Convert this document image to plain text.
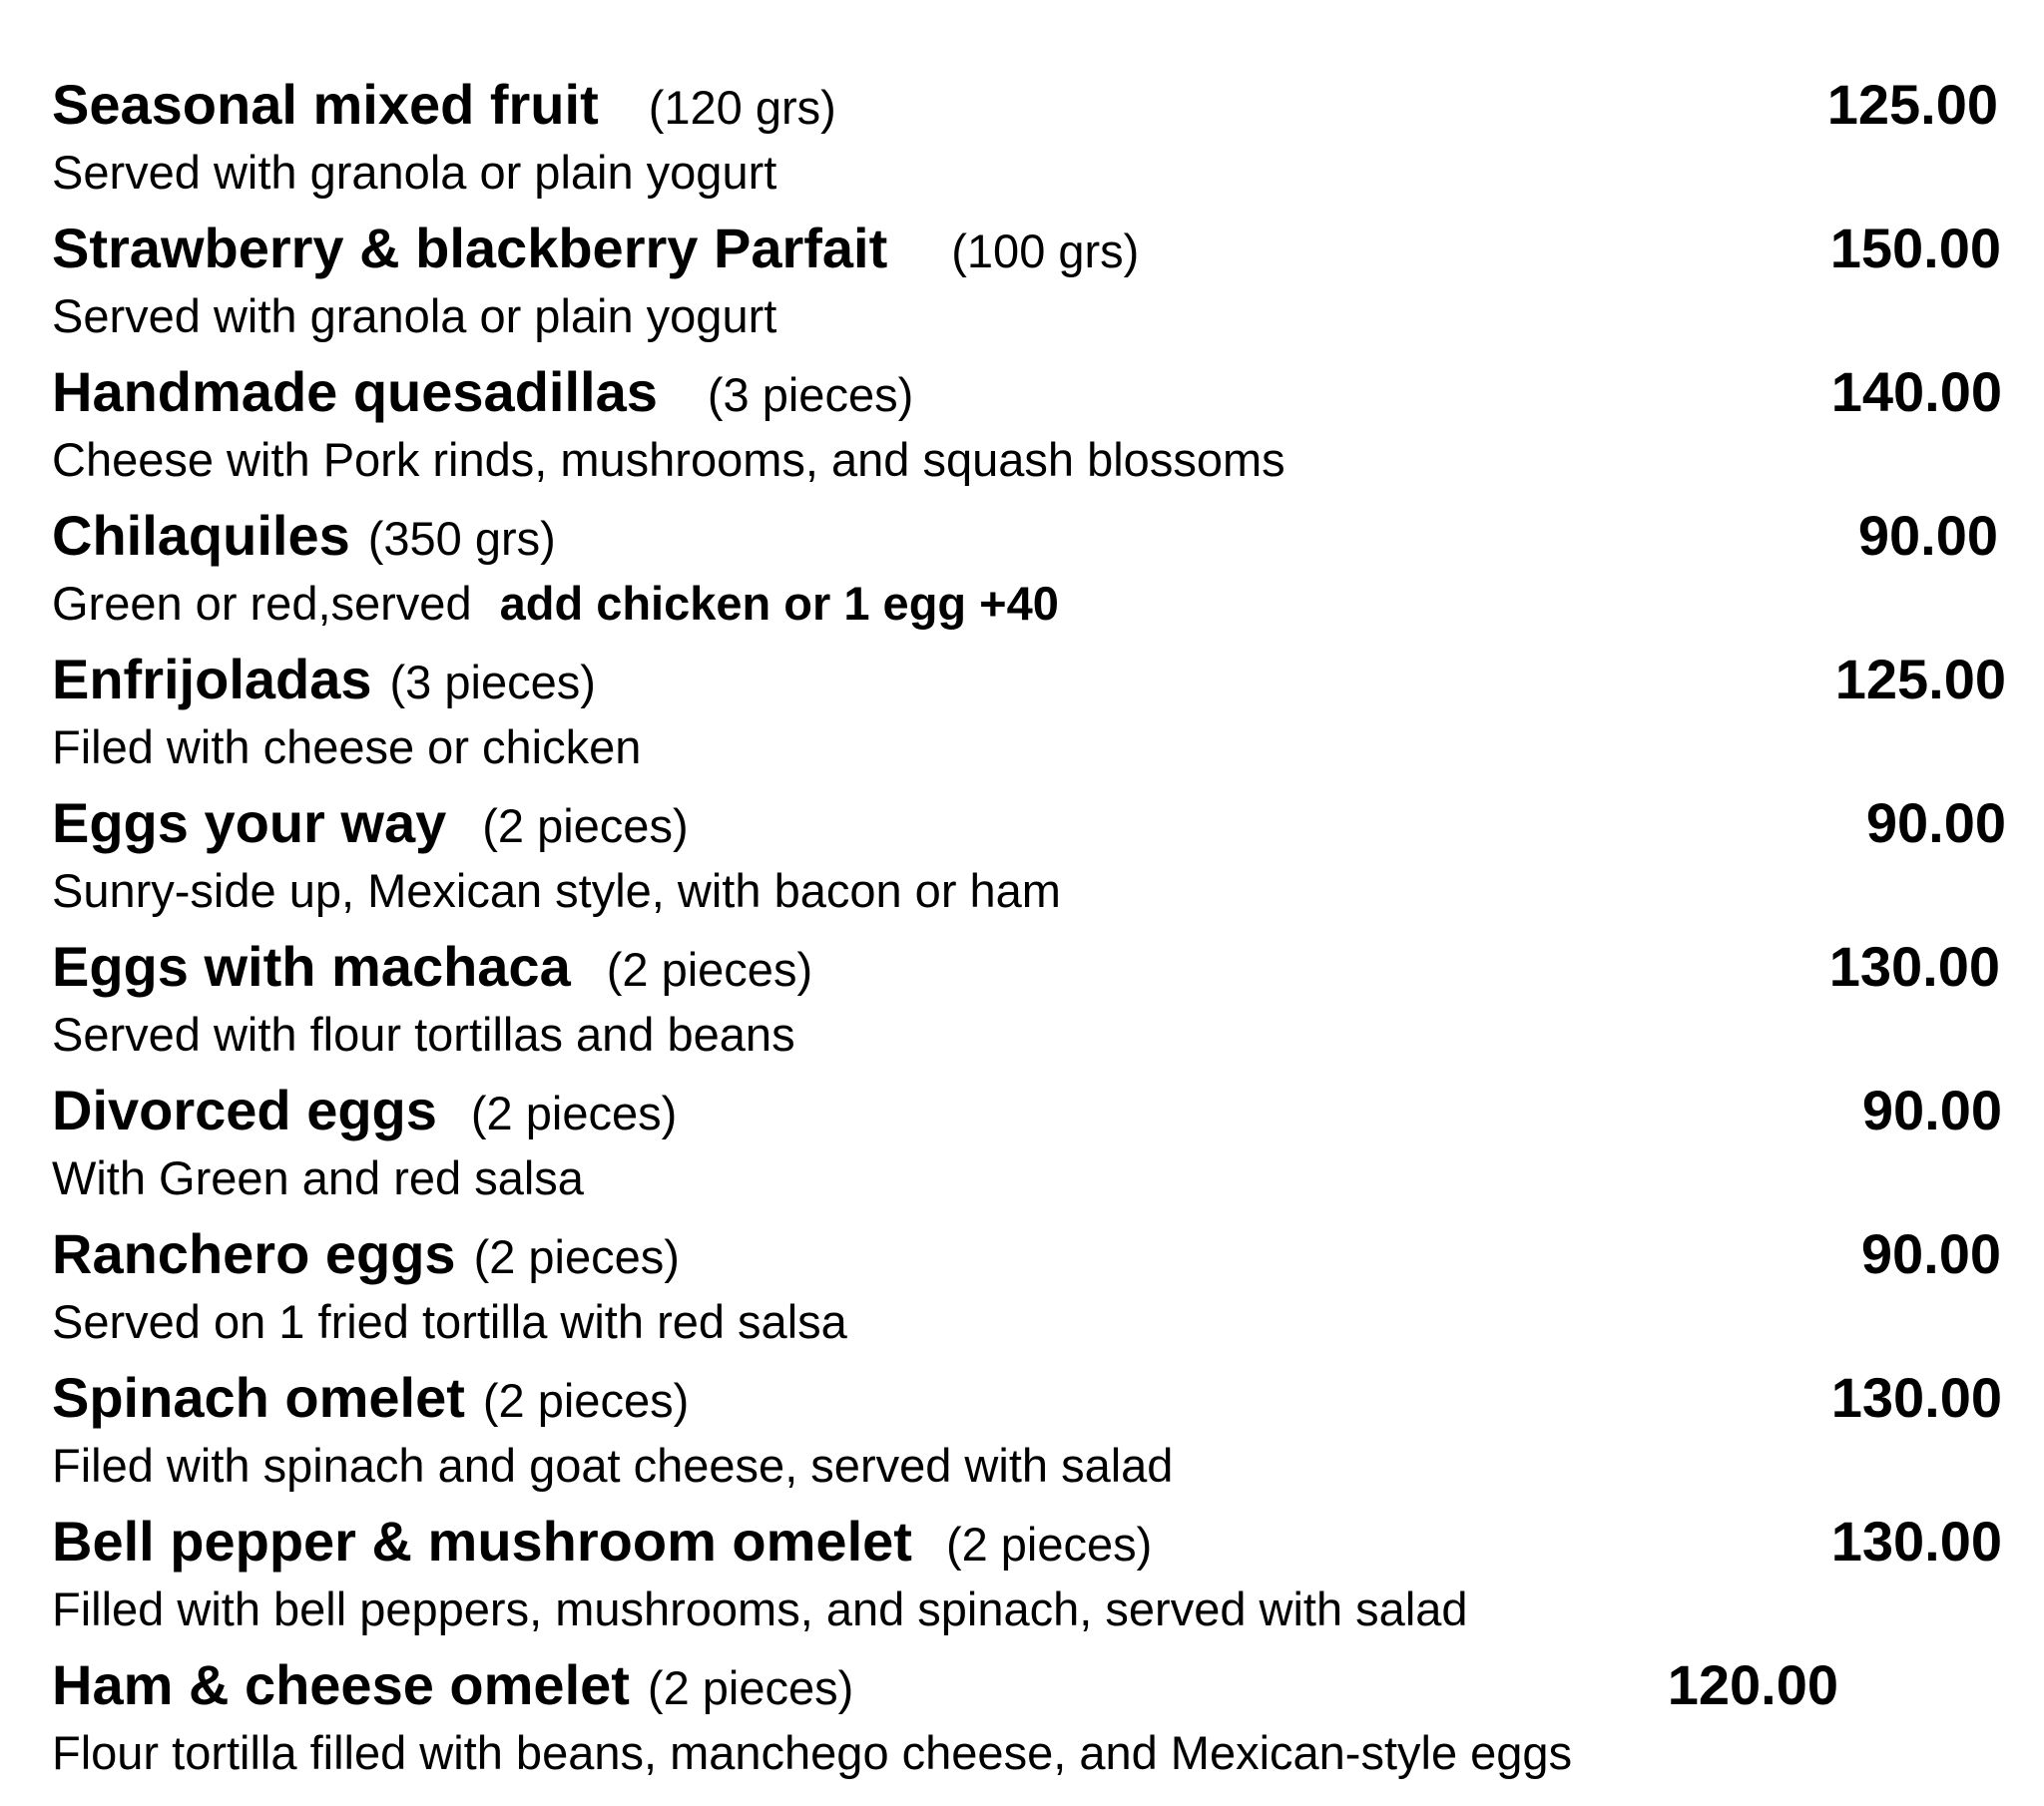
Seasonal mixed fruit (120 grs)	125.00
Served with granola or plain yogurt
Strawberry & blackberry Parfait (100 grs)	150.00
Served with granola or plain yogurt
Handmade quesadillas (3 pieces)	140.00
Cheese with Pork rinds, mushrooms, and squash blossoms
Chilaquiles (350 grs)	90.00
Green or red,served add chicken or 1 egg +40
Enfrijoladas (3 pieces)	125.00
Filed with cheese or chicken
Eggs your way (2 pieces)	90.00
Sunry-side up, Mexican style, with bacon or ham
Eggs with machaca (2 pieces)	130.00
Served with flour tortillas and beans
Divorced eggs (2 pieces)	90.00
With Green and red salsa
Ranchero eggs (2 pieces)	90.00
Served on 1 fried tortilla with red salsa
Spinach omelet (2 pieces)	130.00
Filed with spinach and goat cheese, served with salad
Bell pepper & mushroom omelet (2 pieces)	130.00
Filled with bell peppers, mushrooms, and spinach, served with salad
Ham & cheese omelet (2 pieces)	120.00
Flour tortilla filled with beans, manchego cheese, and Mexican-style eggs
